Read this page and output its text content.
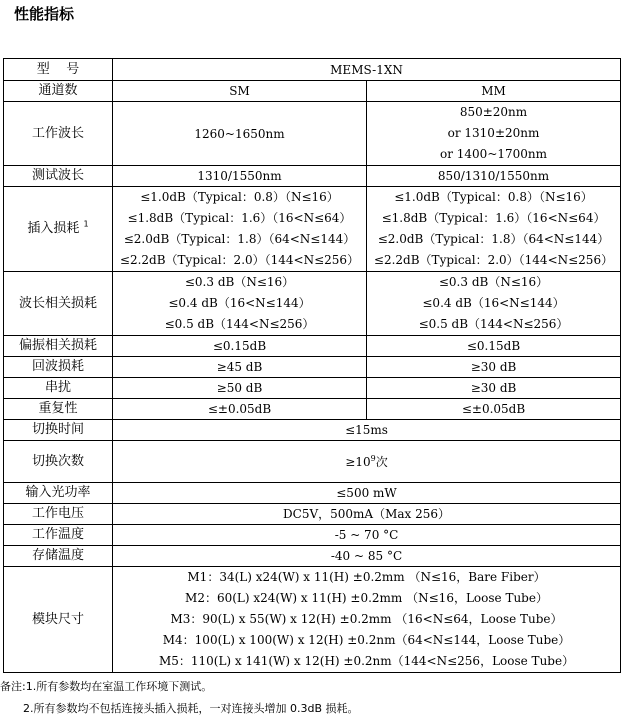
性能指标
型    号	MEMS-1XN	
通道数	SM	MM
工作波长	1260~1650nm	850±20nm
or 1310±20nm
or 1400~1700nm

测试波长	1310/1550nm	850/1310/1550nm
插入损耗 $^1$	≤1.0dB（Typical：0.8）（N≤16）
≤1.8dB（Typical：1.6）（16<N≤64）
≤2.0dB（Typical：1.8）（64<N≤144）
≤2.2dB（Typical：2.0）（144<N≤256）	≤1.0dB（Typical：0.8）（N≤16）
≤1.8dB（Typical：1.6）（16<N≤64）
≤2.0dB（Typical：1.8）（64<N≤144）
≤2.2dB（Typical：2.0）（144<N≤256）

波长相关损耗	≤0.3 dB（N≤16）
≤0.4 dB（16<N≤144）
≤0.5 dB（144<N≤256）	≤0.3 dB（N≤16）
≤0.4 dB（16<N≤144）
≤0.5 dB（144<N≤256）

偏振相关损耗	≤0.15dB	≤0.15dB
回波损耗	≥45 dB	≥30 dB
串扰	≥50 dB	≥30 dB
重复性	≤±0.05dB	≤±0.05dB
切换时间	≤15ms	
切换次数	$\ge 10^9$次	
输入光功率	≤500 mW	
工作电压	DC5V，500mA（Max 256）	
工作温度	-5 ~ 70 °C	
存储温度	-40 ~ 85 °C	
模块尺寸	M1：34(L) x24(W) x 11(H) ±0.2mm （N≤16，Bare Fiber）
M2：60(L) x24(W) x 11(H) ±0.2mm （N≤16，Loose Tube）
M3：90(L) x 55(W) x 12(H) ±0.2mm （16<N≤64，Loose Tube）
M4：100(L) x 100(W) x 12(H) ±0.2nm（64<N≤144，Loose Tube）
M5：110(L) x 141(W) x 12(H) ±0.2nm（144<N≤256，Loose Tube）	
备注:1.所有参数均在室温工作环境下测试。
2.所有参数均不包括连接头插入损耗，一对连接头增加 0.3dB 损耗。
